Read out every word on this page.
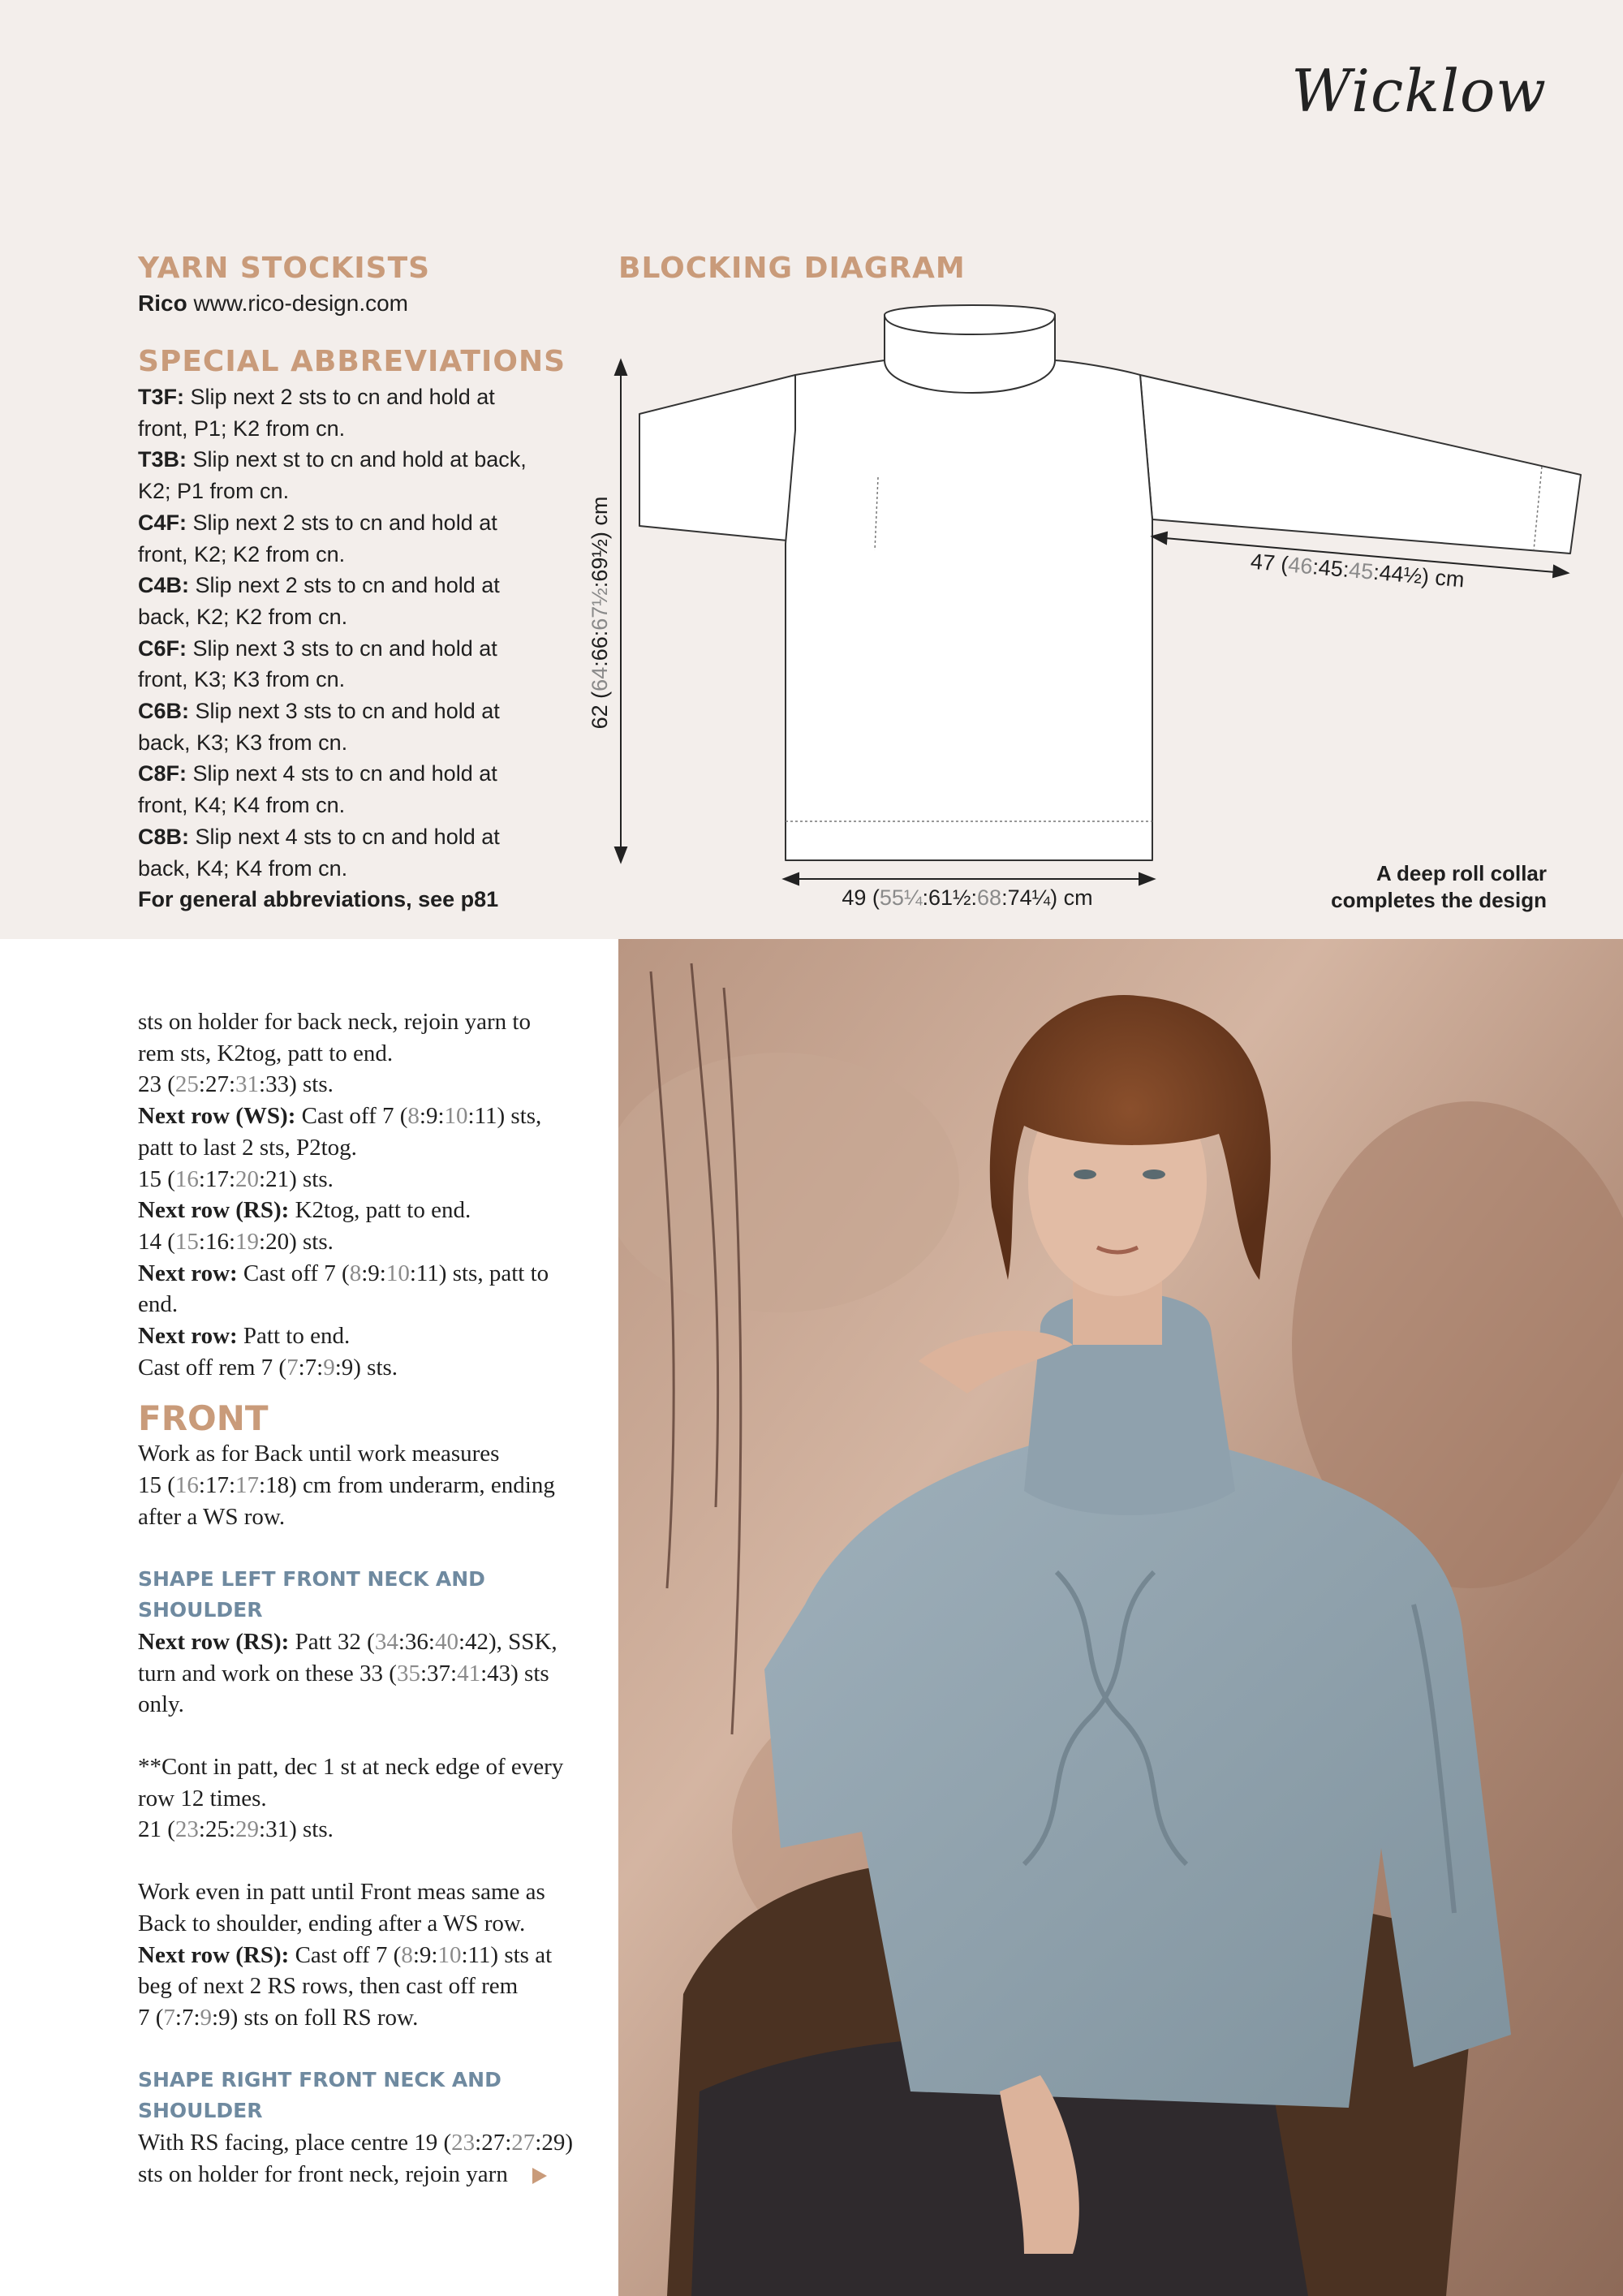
Wicklow
YARN STOCKISTS
Rico www.rico-design.com
SPECIAL ABBREVIATIONS
T3F: Slip next 2 sts to cn and hold at
front, P1; K2 from cn.
T3B: Slip next st to cn and hold at back,
K2; P1 from cn.
C4F: Slip next 2 sts to cn and hold at
front, K2; K2 from cn.
C4B: Slip next 2 sts to cn and hold at
back, K2; K2 from cn.
C6F: Slip next 3 sts to cn and hold at
front, K3; K3 from cn.
C6B: Slip next 3 sts to cn and hold at
back, K3; K3 from cn.
C8F: Slip next 4 sts to cn and hold at
front, K4; K4 from cn.
C8B: Slip next 4 sts to cn and hold at
back, K4; K4 from cn.
For general abbreviations, see p81
BLOCKING DIAGRAM
62 (64:66:67½:69½) cm
49 (55¼:61½:68:74¼) cm
47 (46:45:45:44½) cm
A deep roll collar
completes the design
sts on holder for back neck, rejoin yarn to
rem sts, K2tog, patt to end.
23 (25:27:31:33) sts.
Next row (WS): Cast off 7 (8:9:10:11) sts,
patt to last 2 sts, P2tog.
15 (16:17:20:21) sts.
Next row (RS): K2tog, patt to end.
14 (15:16:19:20) sts.
Next row: Cast off 7 (8:9:10:11) sts, patt to
end.
Next row: Patt to end.
Cast off rem 7 (7:7:9:9) sts.
FRONT
Work as for Back until work measures
15 (16:17:17:18) cm from underarm, ending
after a WS row.
SHAPE LEFT FRONT NECK AND SHOULDER
Next row (RS): Patt 32 (34:36:40:42), SSK,
turn and work on these 33 (35:37:41:43) sts
only.
**Cont in patt, dec 1 st at neck edge of every
row 12 times.
21 (23:25:29:31) sts.
Work even in patt until Front meas same as
Back to shoulder, ending after a WS row.
Next row (RS): Cast off 7 (8:9:10:11) sts at
beg of next 2 RS rows, then cast off rem
7 (7:7:9:9) sts on foll RS row.
SHAPE RIGHT FRONT NECK AND SHOULDER
With RS facing, place centre 19 (23:27:27:29)
sts on holder for front neck, rejoin yarn
